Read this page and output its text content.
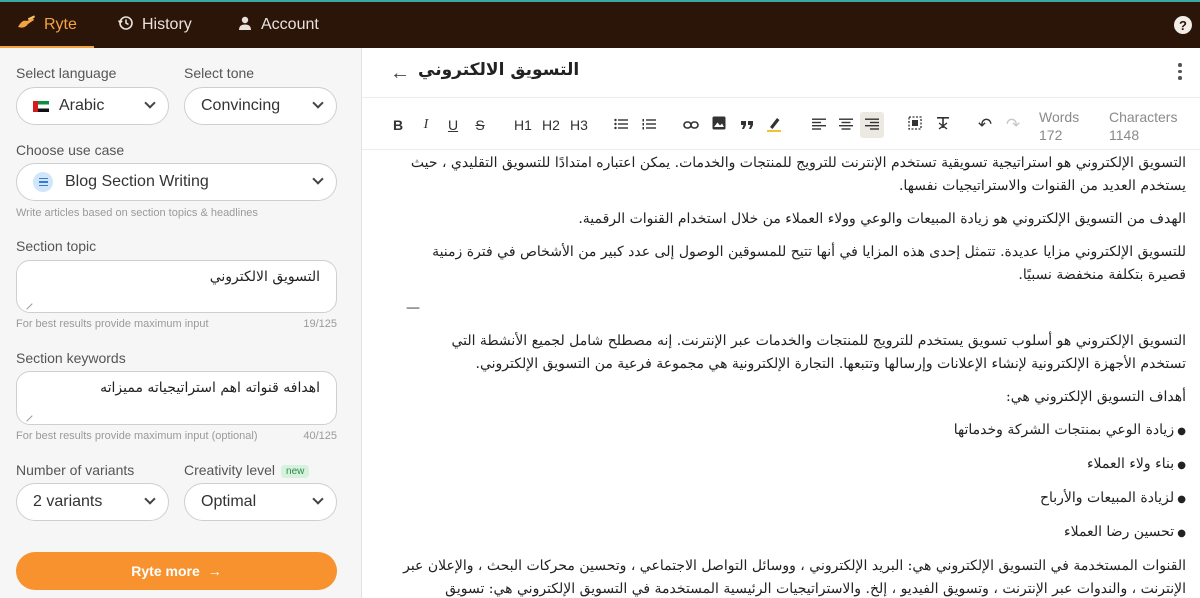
Ryte	History	Account	?
Select language	Select tone
Arabic	Convincing
Choose use case
Blog Section Writing
Write articles based on section topics & headlines
Section topic
التسويق الالكتروني
For best results provide maximum input	19/125
Section keywords
اهدافه قنواته اهم استراتيجياته مميزاته
For best results provide maximum input (optional)	40/125
Number of variants	Creativity level new
2 variants	Optimal
Ryte more →
← التسويق الالكتروني
B I U S H1 H2 H3	↶ ↷ Words
172
Characters
1148

التسويق الإلكتروني هو استراتيجية تسويقية تستخدم الإنترنت للترويج للمنتجات والخدمات. يمكن اعتباره امتدادًا للتسويق التقليدي ، حيث يستخدم العديد من القنوات والاستراتيجيات نفسها.

الهدف من التسويق الإلكتروني هو زيادة المبيعات والوعي وولاء العملاء من خلال استخدام القنوات الرقمية.

للتسويق الإلكتروني مزايا عديدة. تتمثل إحدى هذه المزايا في أنها تتيح للمسوقين الوصول إلى عدد كبير من الأشخاص في فترة زمنية قصيرة بتكلفة منخفضة نسبيًا.

—

التسويق الإلكتروني هو أسلوب تسويق يستخدم للترويج للمنتجات والخدمات عبر الإنترنت. إنه مصطلح شامل لجميع الأنشطة التي تستخدم الأجهزة الإلكترونية لإنشاء الإعلانات وإرسالها وتتبعها. التجارة الإلكترونية هي مجموعة فرعية من التسويق الإلكتروني.

أهداف التسويق الإلكتروني هي:

● زيادة الوعي بمنتجات الشركة وخدماتها
● بناء ولاء العملاء
● لزيادة المبيعات والأرباح
● تحسين رضا العملاء

القنوات المستخدمة في التسويق الإلكتروني هي: البريد الإلكتروني ، ووسائل التواصل الاجتماعي ، وتحسين محركات البحث ، والإعلان عبر الإنترنت ، والندوات عبر الإنترنت ، وتسويق الفيديو ، إلخ. والاستراتيجيات الرئيسية المستخدمة في التسويق الإلكتروني هي: تسويق
